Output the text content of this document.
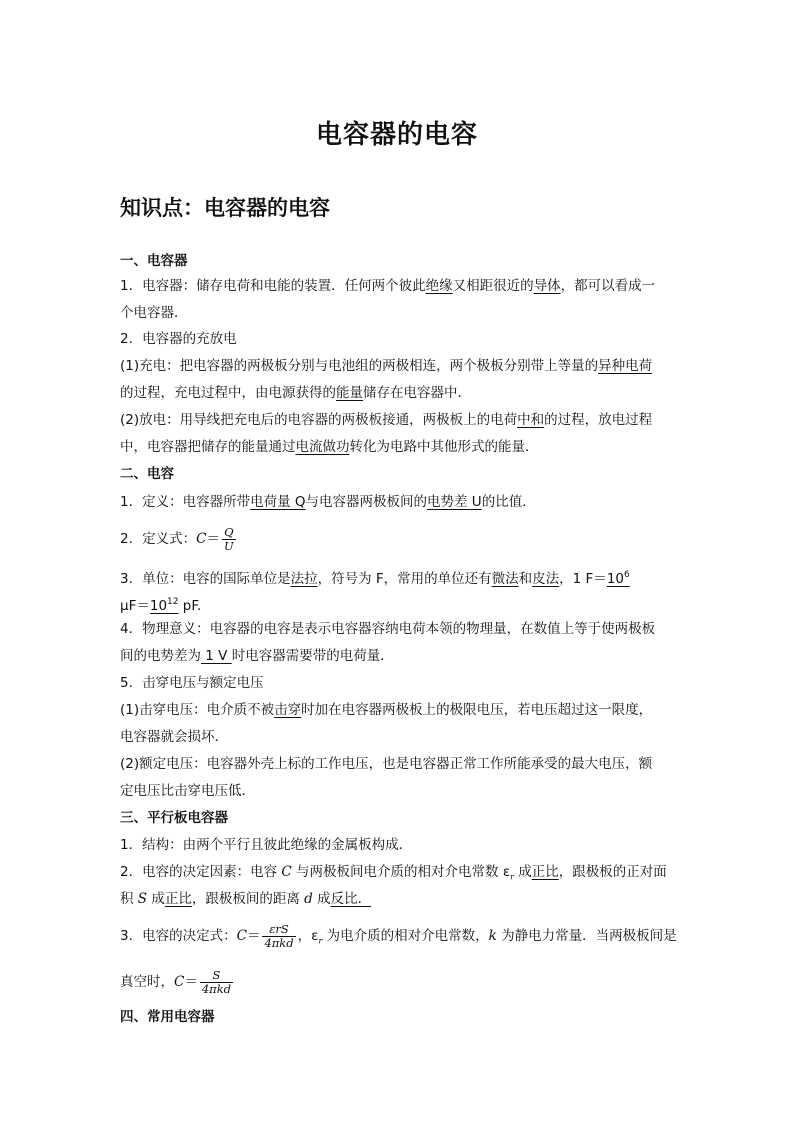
电容器的电容
知识点：电容器的电容
一、电容器
1．电容器：储存电荷和电能的装置．任何两个彼此绝缘又相距很近的导体，都可以看成一
个电容器．
2．电容器的充放电
(1)充电：把电容器的两极板分别与电池组的两极相连，两个极板分别带上等量的异种电荷
的过程，充电过程中，由电源获得的能量储存在电容器中．
(2)放电：用导线把充电后的电容器的两极板接通，两极板上的电荷中和的过程，放电过程
中，电容器把储存的能量通过电流做功转化为电路中其他形式的能量．
二、电容
1．定义：电容器所带电荷量 Q与电容器两极板间的电势差 U的比值．
2．定义式：$C= \frac{Q}{U}$
3．单位：电容的国际单位是法拉，符号为 F，常用的单位还有微法和皮法，1 $F=10^6$
$\mu F=10^{12}$ pF.
4．物理意义：电容器的电容是表示电容器容纳电荷本领的物理量，在数值上等于使两极板
间的电势差为 1 V 时电容器需要带的电荷量．
5．击穿电压与额定电压
(1)击穿电压：电介质不被击穿时加在电容器两极板上的极限电压，若电压超过这一限度，
电容器就会损坏．
(2)额定电压：电容器外壳上标的工作电压，也是电容器正常工作所能承受的最大电压，额
定电压比击穿电压低．
三、平行板电容器
1．结构：由两个平行且彼此绝缘的金属板构成．
2．电容的决定因素：电容 C 与两极板间电介质的相对介电常数 $\varepsilon_r$ 成正比，跟极板的正对面
积 S 成正比，跟极板间的距离 d 成反比．
3．电容的决定式：$C= \frac{\text{εrS}}{\text{4πkd}}$ ，$\varepsilon_r$ 为电介质的相对介电常数，k 为静电力常量．当两极板间是
真空时，$C= \frac{S}{\text{4πkd}}$
四、常用电容器
